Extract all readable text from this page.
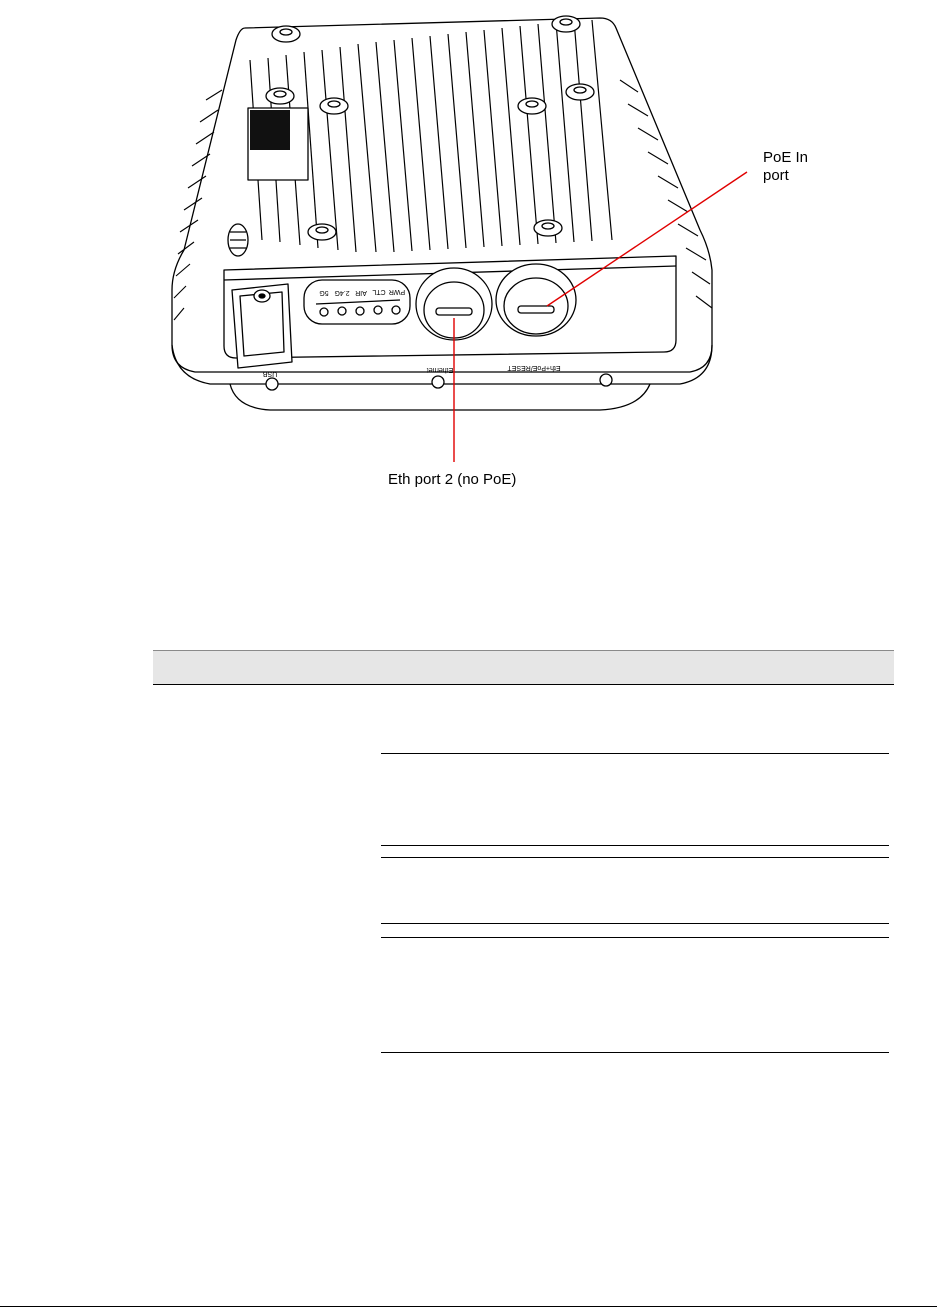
USB
Ethernet	Eth+PoE/RESET
PWR
CTL
AIR
2.4G
5G
PoE In
port
Eth port 2 (no PoE)
